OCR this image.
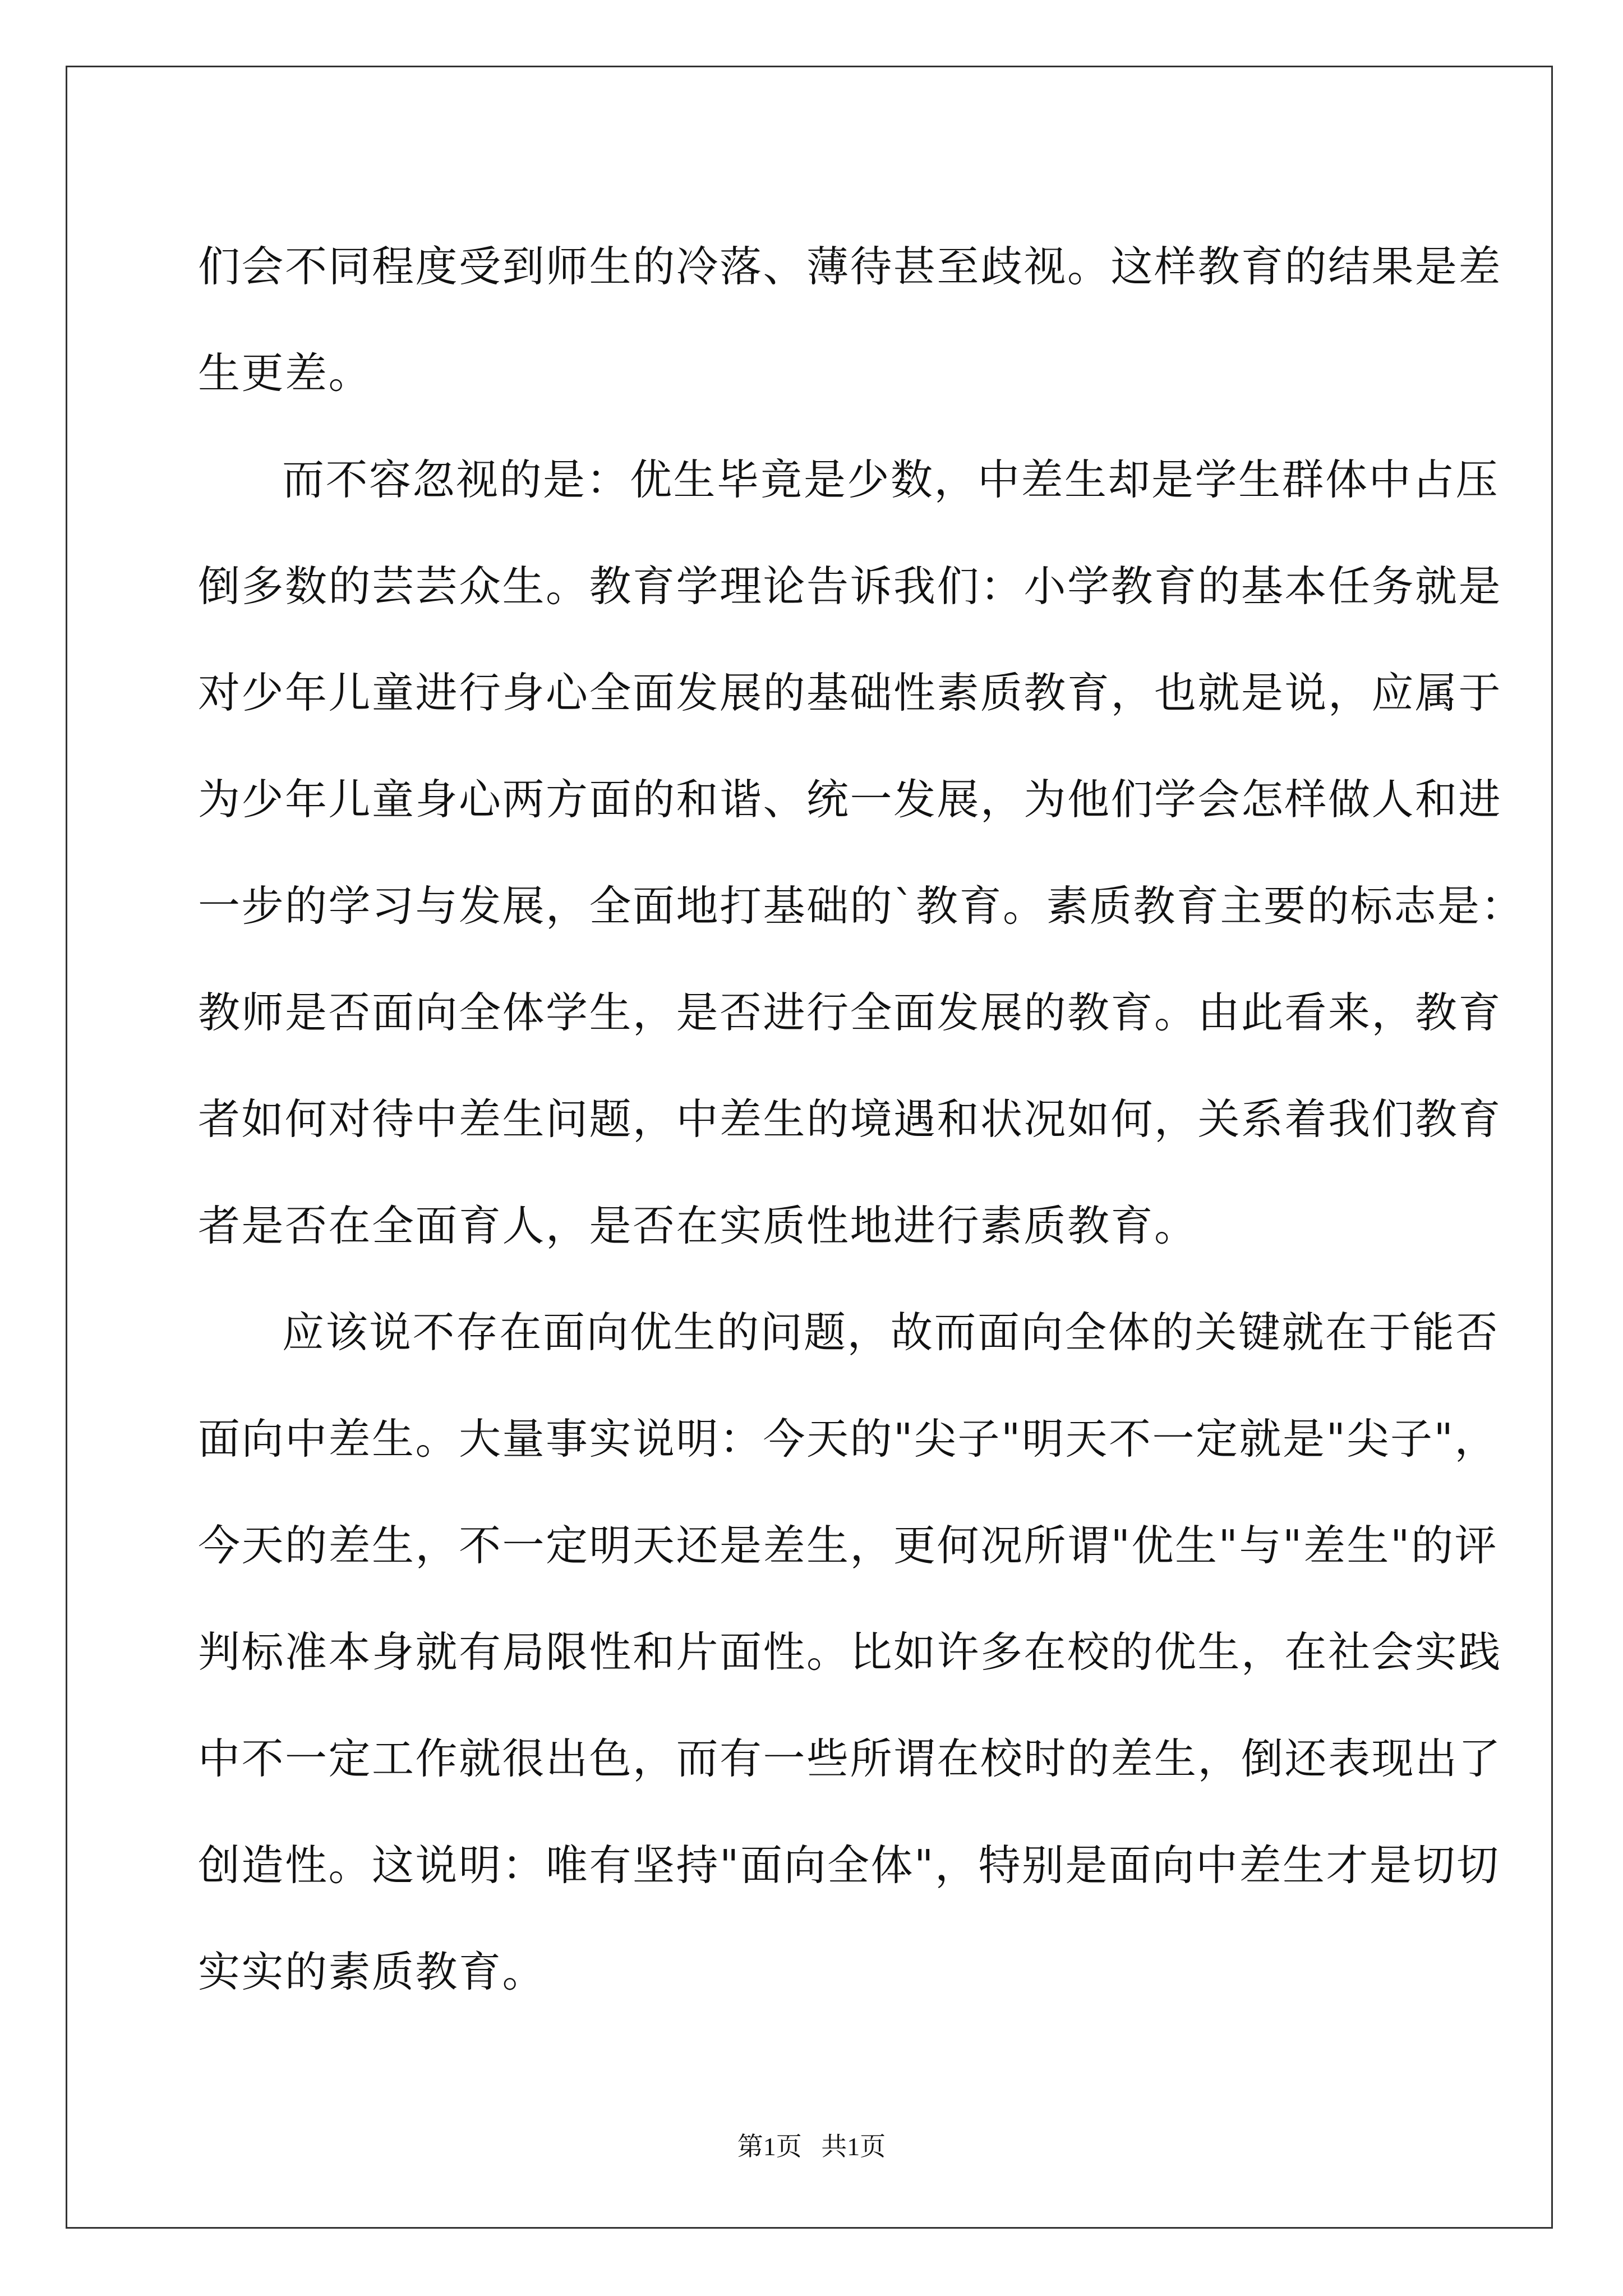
们会不同程度受到师生的冷落、薄待甚至歧视。这样教育的结果是差
生更差。
而不容忽视的是：优生毕竟是少数，中差生却是学生群体中占压
倒多数的芸芸众生。教育学理论告诉我们：小学教育的基本任务就是
对少年儿童进行身心全面发展的基础性素质教育，也就是说，应属于
为少年儿童身心两方面的和谐、统一发展，为他们学会怎样做人和进
一步的学习与发展，全面地打基础的`教育。素质教育主要的标志是：
教师是否面向全体学生，是否进行全面发展的教育。由此看来，教育
者如何对待中差生问题，中差生的境遇和状况如何，关系着我们教育
者是否在全面育人，是否在实质性地进行素质教育。
应该说不存在面向优生的问题，故而面向全体的关键就在于能否
面向中差生。大量事实说明：今天的"尖子"明天不一定就是"尖子"，
今天的差生，不一定明天还是差生，更何况所谓"优生"与"差生"的评
判标准本身就有局限性和片面性。比如许多在校的优生，在社会实践
中不一定工作就很出色，而有一些所谓在校时的差生，倒还表现出了
创造性。这说明：唯有坚持"面向全体"，特别是面向中差生才是切切
实实的素质教育。
第1页   共1页
